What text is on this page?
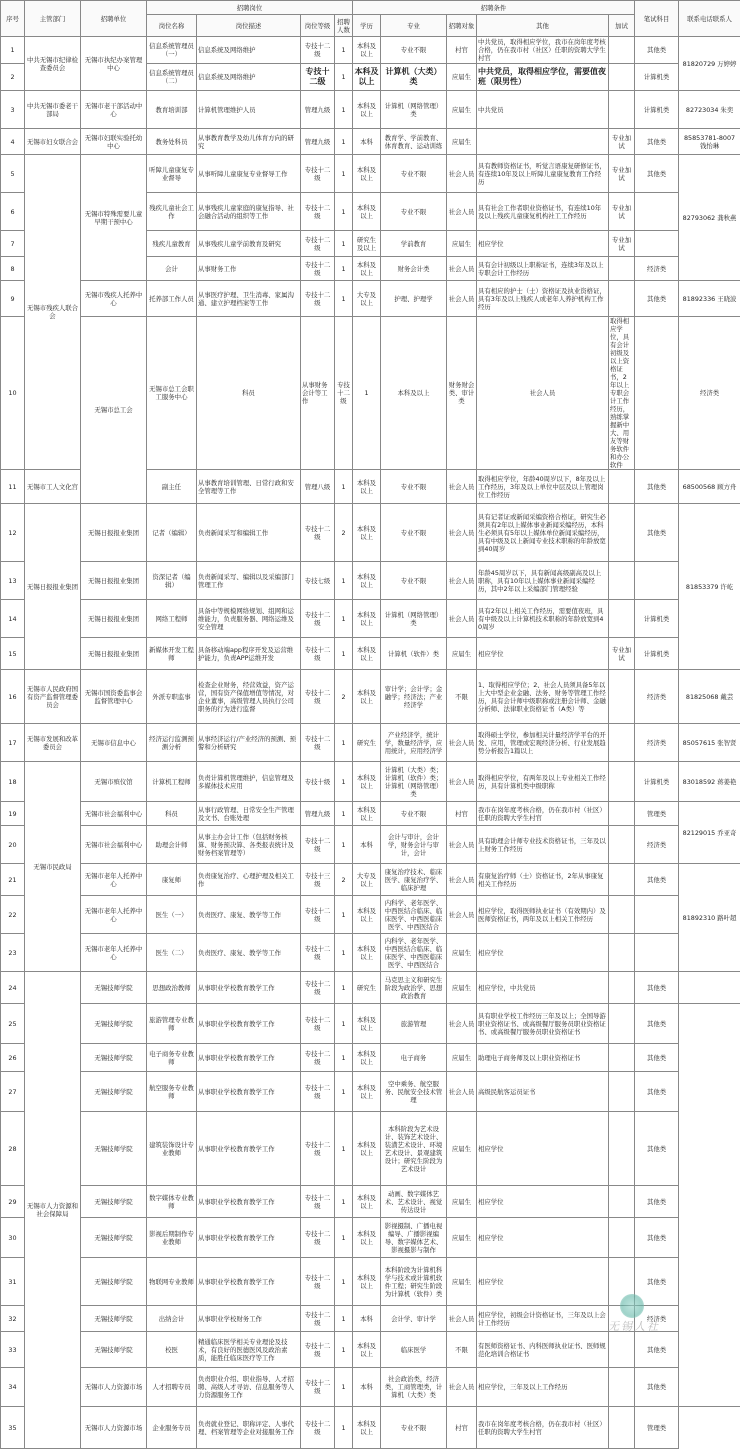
序号	主管部门	招聘单位	招聘岗位				招聘条件					笔试科目	联系电话联系人	
			岗位名称	岗位描述	岗位等级	招聘人数	学历	专业	招聘对象	其他	加试			
1	中共无锡市纪律检查委员会	无锡市执纪办案管理中心	信息系统管理员（一）	信息系统及网络维护	专技十二级	1	本科及以上	专业不限	村官	中共党员，取得相应学位，我市在岗年度考核合格，仍在我市村（社区）任职的资聘大学生村官		其他类	81820729 万婷婷	
2			信息系统管理员（二）	信息系统及网络维护	专技十二级	1	本科及以上	计算机（大类）类	应届生	中共党员，取得相应学位，需要值夜班（限男性）		计算机类		
3	中共无锡市委老干部局	无锡市老干部活动中心	教育培训部	计算机管理维护人员	管理九级	1	本科及以上	计算机（网络管理）类	应届生	中共党员		计算机类	82723034 朱奕	
4	无锡市妇女联合会	无锡市妇联实验托幼中心	教务处科员	从事教育教学及幼儿体育方向的研究	管理九级	1	本科	教育学、学前教育、体育教育、运动训练	应届生		专业加试	其他类	85853781-8007 钱怡琳	
5	无锡市残疾人联合会	无锡市特殊需要儿童早期干预中心	听障儿童康复专业督导	从事听障儿童康复专业督导工作	专技十二级	1	本科及以上	专业不限	社会人员	具有教师资格证书，听觉言语康复研修证书，有连续10年及以上听障儿童康复教育工作经历	专业加试	其他类	82793062 龚秋燕	
6			残疾儿童社会工作	从事残疾儿童家庭的康复指导、社会融合活动的组织等工作	专技十二级	1	本科及以上	专业不限	社会人员	具有社会工作者职业资格证书，有连续10年及以上残疾儿童康复机构社工工作经历	专业加试			
7			残疾儿童教育	从事残疾儿童学前教育及研究	专技十二级	1	研究生及以上	学前教育	应届生	相应学位	专业加试			
8			会计	从事财务工作	专技十二级	1	本科及以上	财务会计类	社会人员	具有会计初级以上职称证书，连续3年及以上专职会计工作经历		经济类		
9		无锡市残疾人托养中心	托养部工作人员	从事医疗护理、卫生消毒、家属沟通、建立护理档案等工作	专技十二级	1	大专及以上	护理、护理学	社会人员	具有相应的护士（士）资格证及执业资格证，具有3年及以上残疾人或老年人养护机构工作经历		其他类	81892336 王晓波	
10		无锡市总工会	无锡市总工会职工服务中心	科员	从事财务会计等工作	专技十二级	1	本科及以上	财务财会类、审计类	社会人员	取得相应学位，具有会计初级及以上资格证书，2年以上专职会计工作经历，熟练掌握新中大、用友等财务软件和办公软件		经济类	
11	无锡市工人文化宫		副主任	从事教育培训管理、日常行政和安全管理等工作	管理八级	1	本科及以上	专业不限	社会人员	取得相应学位，年龄40周岁以下，8年及以上工作经历，3年及以上单位中层及以上管理岗位工作经历		其他类	68500568 顾方舟	
12	无锡日报报业集团	无锡日报报业集团	记者（编辑）	负责新闻采写和编辑工作	专技十二级	2	本科及以上	专业不限	社会人员	具有记者证或新闻采编资格合格证，研究生必须具有2年以上媒体事业新闻采编经历，本科生必须具有5年以上媒体单位新闻采编经历，具有中级及以上新闻专业技术职称的年龄放宽到40周岁		其他类	81853379 许屹	
13		无锡日报报业集团	资深记者（编辑）	负责新闻采写、编辑以及采编部门管理工作	专技七级	1	本科及以上	专业不限	社会人员	年龄45周岁以下，具有新闻高级副高及以上职称，具有10年以上媒体事业新闻采编经历，其中2年以上采编部门管理经验				
14		无锡日报报业集团	网络工程师	具备中等规模网络规划、组网和运维能力，负责服务器、网络运维及安全管理	专技十二级	1	本科及以上	计算机（网络管理）类	社会人员	具有2年以上相关工作经历，需要值夜班，具有中级及以上计算机技术职称的年龄放宽到40周岁		计算机类		
15		无锡日报报业集团	新媒体开发工程师	具备移动端app程序开发及运营维护能力，负责APP运维开发	专技十二级	1	本科及以上	计算机（软件）类	应届生	相应学位	专业加试	计算机类		
16	无锡市人民政府国有资产监督管理委员会	无锡市国资委监事会监督管理中心	外派专职监事	检查企业财务，经营效益，资产运营，国有资产保值增值等情况，对企业董事，高级管理人员执行公司职务的行为进行监督	专技十二级	2	本科及以上	审计学；会计学；金融学；经济法；产业经济学	不限	1、取得相应学位；2、社会人员须具备5年以上大中型企业金融、法务、财务等管理工作经历，具有会计师中级职称或注册会计师、金融分析师、法律职业资格证书（A类）等		经济类	81825068 戴芸	
17	无锡市发展和改革委员会	无锡市信息中心	经济运行监测预测分析	从事经济运行/产业经济的预测、预警和分析研究	专技十二级	1	研究生	产业经济学，统计学，数量经济学，应用统计，应用经济学	社会人员	取得硕士学位，参加相关计量经济学平台的开发、应用，管理或宏观经济分析、行业发展趋势分析报告1篇以上		经济类	85057615 张智贤	
18	无锡市民政局	无锡市殡仪馆	计算机工程师	负责计算机管理维护，信息管理及多媒体技术应用	专技十级	1	本科及以上	计算机（大类）类；计算机（软件）类；计算机（网络管理）类	社会人员	取得相应学位，有两年及以上专业相关工作经历，具有计算机类中级职称		计算机类	83018592 蒋姜艳	
19		无锡市社会福利中心	科员	从事行政管理、日常安全生产管理及文书、台账处理	管理九级	1	本科及以上	专业不限	村官	我市在岗年度考核合格，仍在我市村（社区）任职的资聘大学生村官		管理类	82129015 乔亚奇	
20		无锡市社会福利中心	助理会计师	从事主办会计工作（包括财务核算、财务预决算、各类报表统计及财务档案管理等）	专技十二级	1	本科	会计与审计，会计学，财务会计与审计，会计	社会人员	具有助理会计师专业技术资格证书，三年及以上财务工作经历		经济类		
21		无锡市老年人托养中心	康复师	负责康复治疗、心理护理及相关工作	专技十三级	2	大专及以上	康复治疗技术、临床医学、康复治疗学、临床护理	社会人员	有康复治疗师（士）资格证书，2年从事康复相关工作经历		其他类	81892310 路叶超	
22		无锡市老年人托养中心	医生（一）	负责医疗、康复、教学等工作	专技十二级	1	本科及以上	内科学、老年医学、中西医结合临床、临床医学、中西医临床医学、中西医结合	社会人员	相应学位，取得医师执业证书（有效期内）及医师资格证书，两年及以上相关工作经历				
23		无锡市老年人托养中心	医生（二）	负责医疗、康复、教学等工作	专技十二级	1	本科及以上	内科学、老年医学、中西医结合临床、临床医学、中西医临床医学、中西医结合	应届生	相应学位				
24	无锡市人力资源和社会保障局	无锡技师学院	思想政治教师	从事职业学校教育教学工作	专技十二级	1	研究生	马克思主义和研究生阶段为政治学、思想政治教育	应届生	相应学位，中共党员		其他类		
25		无锡技师学院	旅游管理专业教师	从事职业学校教育教学工作	专技十二级	1	本科及以上	旅游管理	社会人员	具有职业学校工作经历三年及以上；全国导游职业资格证书、或高级餐厅服务员职业资格证书、或高级餐厅服务员职业资格证书		其他类		
26		无锡技师学院	电子商务专业教师	从事职业学校教育教学工作	专技十二级	1	本科及以上	电子商务	应届生	助理电子商务师及以上职业资格证书		其他类		
27		无锡技师学院	航空服务专业教师	从事职业学校教育教学工作	专技十二级	1	本科及以上	空中乘务、航空服务、民航安全技术管理	社会人员	高级民航客运员证书		其他类		
28		无锡技师学院	建筑装饰设计专业教师	从事职业学校教育教学工作	专技十二级	1	本科及以上	本科阶段为艺术设计、装饰艺术设计、装潢艺术设计、环境艺术设计、景观建筑设计；研究生阶段为艺术设计	应届生	相应学位		其他类		
29		无锡技师学院	数字媒体专业教师	从事职业学校教育教学工作	专技十二级	1	本科及以上	动画、数字媒体艺术、艺术设计、视觉传达设计	应届生	相应学位		其他类		
30		无锡技师学院	影视后期制作专业教师	从事职业学校教育教学工作	专技十二级	1	本科及以上	影视摄制、广播电视编导、广播影视编导、数字媒体艺术、影视摄影与制作	应届生	相应学位		其他类		
31		无锡技师学院	物联网专业教师	从事职业学校教育教学工作	专技十二级	1	本科及以上	本科阶段为计算机科学与技术或计算机软件工程；研究生阶段为计算机（软件）类	应届生	相应学位		其他类		
32		无锡技师学院	出纳会计	从事职业学校财务工作	专技十二级	1	本科	会计学、审计学	社会人员	相应学位，初级会计资格证书，三年及以上会计工作经历		经济类		
33		无锡技师学院	校医	精通临床医学相关专业理论及技术，有良好的医德医风及政治素质，能胜任临床医疗等工作	专技十二级	1	本科及以上	临床医学	不限	有医师资格证书、内科医师执业证书、医师规范化培训合格证书		其他类		
34		无锡市人力资源市场	人才招聘专员	负责职业介绍、职业指导、人才招聘、高级人才寻访、信息服务等人力资源服务工作	专技十二级	1	本科	社会政治类，经济类，工商管理类，计算机（大类）类	社会人员	相应学位，三年及以上工作经历		其他类	
35		无锡市人力资源市场	企业服务专员	负责就业登记、职称评定、人事代理、档案管理等企业对接服务工作	专技十二级	1	本科及以上	专业不限	村官	我市在岗年度考核合格，仍在我市村（社区）任职的资聘大学生村官		管理类		
无锡人社
